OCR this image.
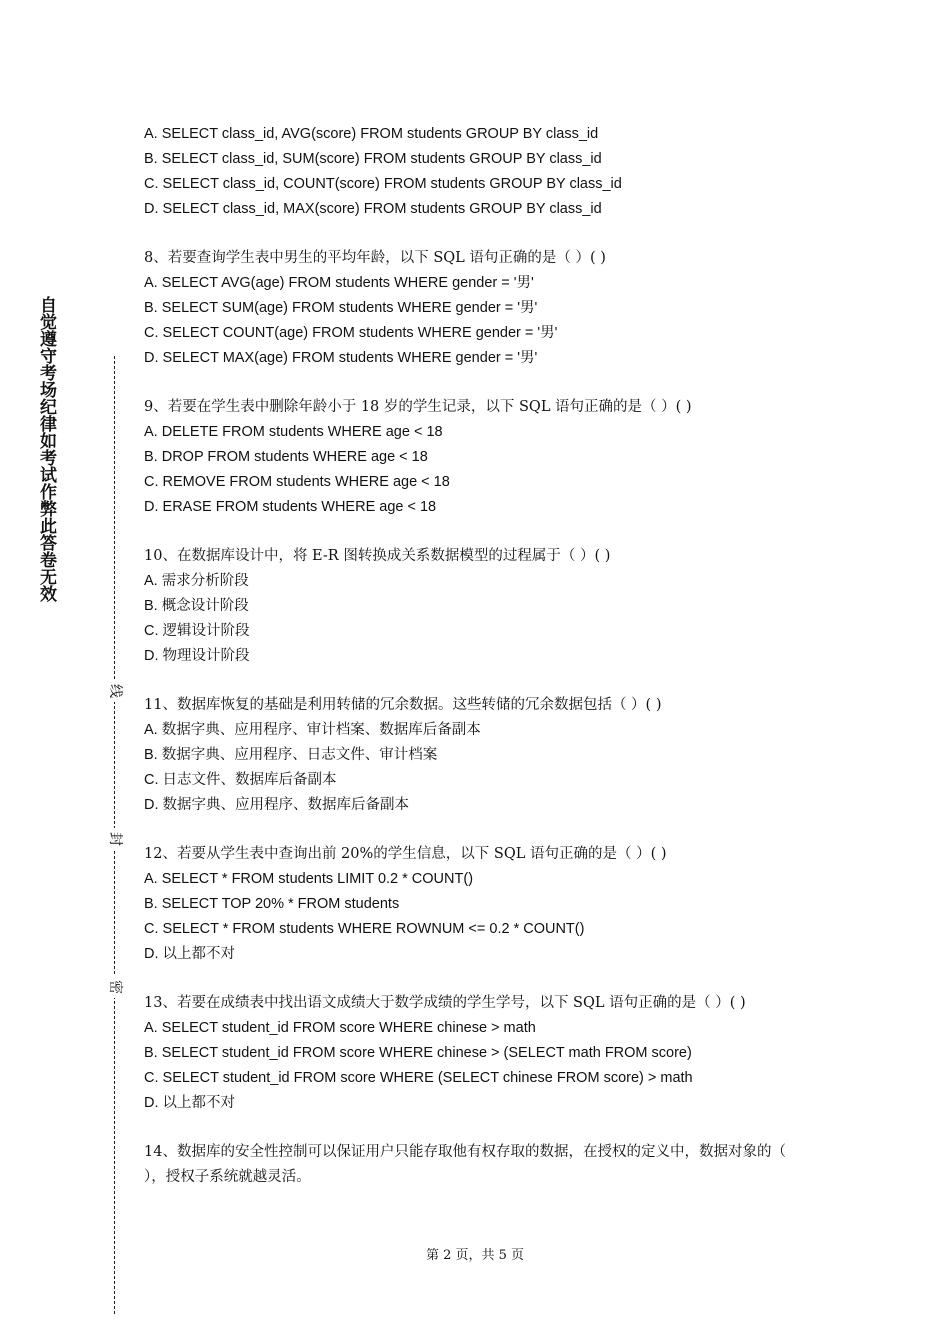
自觉遵守考场纪律如考试作弊此答卷无效
线
封
密
A. SELECT class_id, AVG(score) FROM students GROUP BY class_id
B. SELECT class_id, SUM(score) FROM students GROUP BY class_id
C. SELECT class_id, COUNT(score) FROM students GROUP BY class_id
D. SELECT class_id, MAX(score) FROM students GROUP BY class_id
8、若要查询学生表中男生的平均年龄，以下 SQL 语句正确的是（ ）( )
A. SELECT AVG(age) FROM students WHERE gender = '男'
B. SELECT SUM(age) FROM students WHERE gender = '男'
C. SELECT COUNT(age) FROM students WHERE gender = '男'
D. SELECT MAX(age) FROM students WHERE gender = '男'
9、若要在学生表中删除年龄小于 18 岁的学生记录，以下 SQL 语句正确的是（ ）( )
A. DELETE FROM students WHERE age < 18
B. DROP FROM students WHERE age < 18
C. REMOVE FROM students WHERE age < 18
D. ERASE FROM students WHERE age < 18
10、在数据库设计中，将 E-R 图转换成关系数据模型的过程属于（ ）( )
A. 需求分析阶段
B. 概念设计阶段
C. 逻辑设计阶段
D. 物理设计阶段
11、数据库恢复的基础是利用转储的冗余数据。这些转储的冗余数据包括（ ）( )
A. 数据字典、应用程序、审计档案、数据库后备副本
B. 数据字典、应用程序、日志文件、审计档案
C. 日志文件、数据库后备副本
D. 数据字典、应用程序、数据库后备副本
12、若要从学生表中查询出前 20%的学生信息，以下 SQL 语句正确的是（ ）( )
A. SELECT * FROM students LIMIT 0.2 * COUNT()
B. SELECT TOP 20% * FROM students
C. SELECT * FROM students WHERE ROWNUM <= 0.2 * COUNT()
D. 以上都不对
13、若要在成绩表中找出语文成绩大于数学成绩的学生学号，以下 SQL 语句正确的是（ ）( )
A. SELECT student_id FROM score WHERE chinese > math
B. SELECT student_id FROM score WHERE chinese > (SELECT math FROM score)
C. SELECT student_id FROM score WHERE (SELECT chinese FROM score) > math
D. 以上都不对
14、数据库的安全性控制可以保证用户只能存取他有权存取的数据，在授权的定义中，数据对象的（ ），授权子系统就越灵活。
第 2 页，共 5 页
